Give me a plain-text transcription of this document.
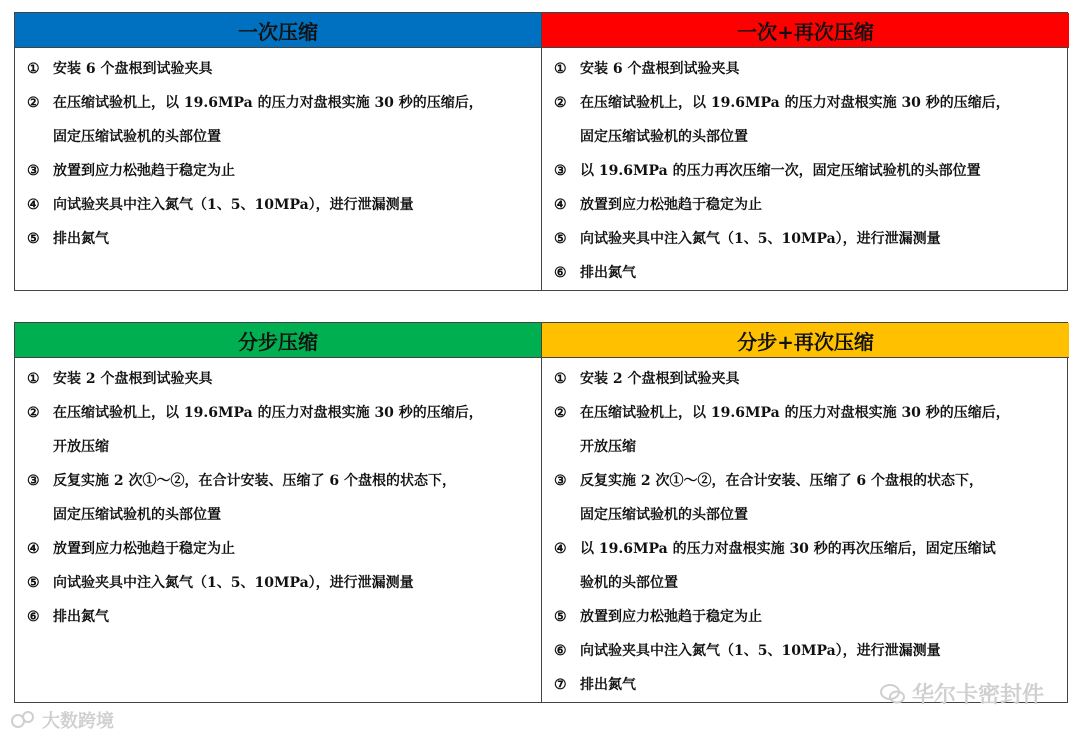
一次压缩
① 安装 6 个盘根到试验夹具
② 在压缩试验机上，以 19.6MPa 的压力对盘根实施 30 秒的压缩后，
固定压缩试验机的头部位置
③ 放置到应力松弛趋于稳定为止
④ 向试验夹具中注入氮气（1、5、10MPa），进行泄漏测量
⑤ 排出氮气
一次+再次压缩
① 安装 6 个盘根到试验夹具
② 在压缩试验机上，以 19.6MPa 的压力对盘根实施 30 秒的压缩后，
固定压缩试验机的头部位置
③ 以 19.6MPa 的压力再次压缩一次，固定压缩试验机的头部位置
④ 放置到应力松弛趋于稳定为止
⑤ 向试验夹具中注入氮气（1、5、10MPa），进行泄漏测量
⑥ 排出氮气
分步压缩
① 安装 2 个盘根到试验夹具
② 在压缩试验机上，以 19.6MPa 的压力对盘根实施 30 秒的压缩后，
开放压缩
③ 反复实施 2 次①～②，在合计安装、压缩了 6 个盘根的状态下，
固定压缩试验机的头部位置
④ 放置到应力松弛趋于稳定为止
⑤ 向试验夹具中注入氮气（1、5、10MPa），进行泄漏测量
⑥ 排出氮气
分步+再次压缩
① 安装 2 个盘根到试验夹具
② 在压缩试验机上，以 19.6MPa 的压力对盘根实施 30 秒的压缩后，
开放压缩
③ 反复实施 2 次①～②，在合计安装、压缩了 6 个盘根的状态下，
固定压缩试验机的头部位置
④ 以 19.6MPa 的压力对盘根实施 30 秒的再次压缩后，固定压缩试
验机的头部位置
⑤ 放置到应力松弛趋于稳定为止
⑥ 向试验夹具中注入氮气（1、5、10MPa），进行泄漏测量
⑦ 排出氮气	华尔卡密封件
大数跨境
